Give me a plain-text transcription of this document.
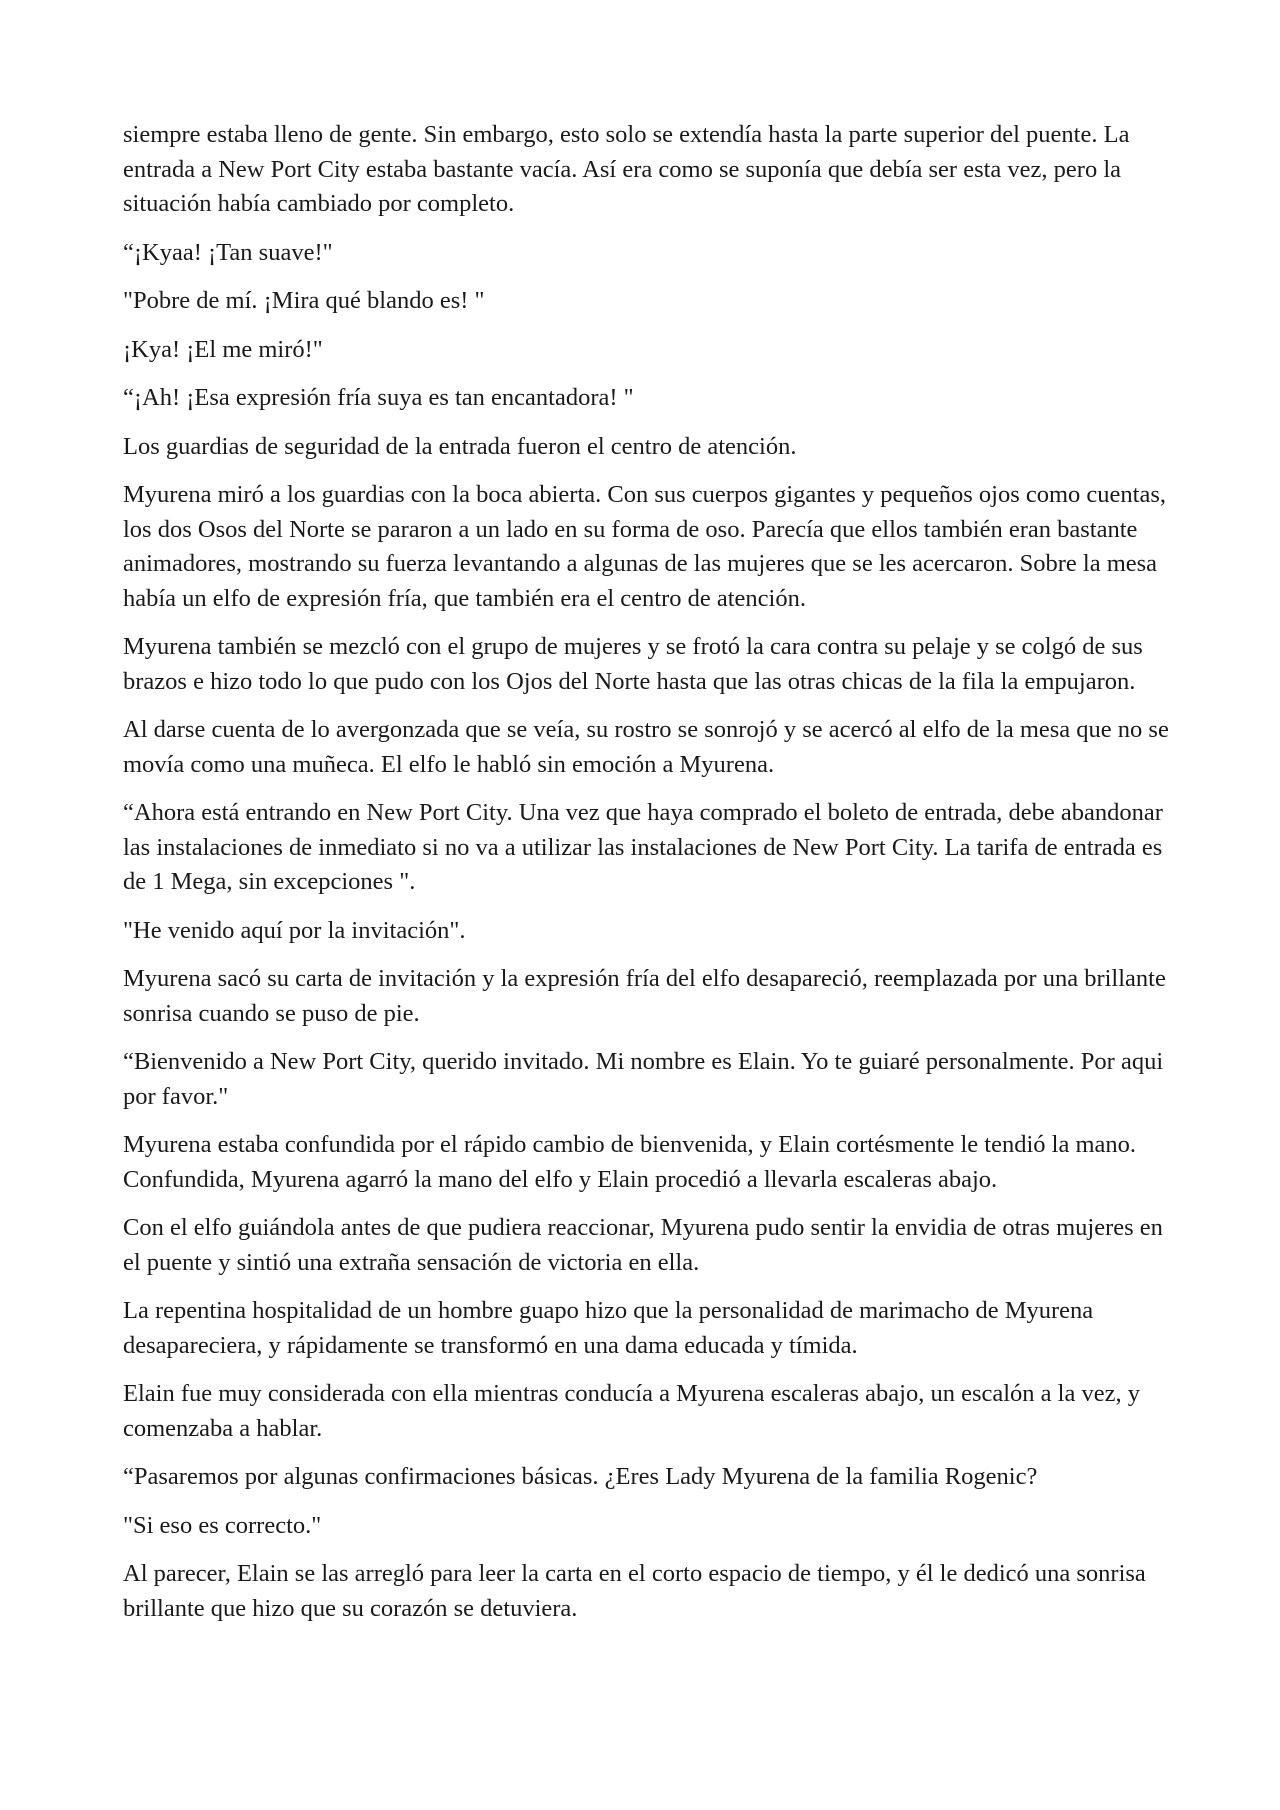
siempre estaba lleno de gente. Sin embargo, esto solo se extendía hasta la parte superior del puente. La entrada a New Port City estaba bastante vacía. Así era como se suponía que debía ser esta vez, pero la situación había cambiado por completo.

“¡Kyaa! ¡Tan suave!"

"Pobre de mí. ¡Mira qué blando es! "

¡Kya! ¡El me miró!"

“¡Ah! ¡Esa expresión fría suya es tan encantadora! "

Los guardias de seguridad de la entrada fueron el centro de atención.

Myurena miró a los guardias con la boca abierta. Con sus cuerpos gigantes y pequeños ojos como cuentas, los dos Osos del Norte se pararon a un lado en su forma de oso. Parecía que ellos también eran bastante animadores, mostrando su fuerza levantando a algunas de las mujeres que se les acercaron. Sobre la mesa había un elfo de expresión fría, que también era el centro de atención.

Myurena también se mezcló con el grupo de mujeres y se frotó la cara contra su pelaje y se colgó de sus brazos e hizo todo lo que pudo con los Ojos del Norte hasta que las otras chicas de la fila la empujaron.

Al darse cuenta de lo avergonzada que se veía, su rostro se sonrojó y se acercó al elfo de la mesa que no se movía como una muñeca. El elfo le habló sin emoción a Myurena.

“Ahora está entrando en New Port City. Una vez que haya comprado el boleto de entrada, debe abandonar las instalaciones de inmediato si no va a utilizar las instalaciones de New Port City. La tarifa de entrada es de 1 Mega, sin excepciones ".

"He venido aquí por la invitación".

Myurena sacó su carta de invitación y la expresión fría del elfo desapareció, reemplazada por una brillante sonrisa cuando se puso de pie.

“Bienvenido a New Port City, querido invitado. Mi nombre es Elain. Yo te guiaré personalmente. Por aqui por favor."

Myurena estaba confundida por el rápido cambio de bienvenida, y Elain cortésmente le tendió la mano. Confundida, Myurena agarró la mano del elfo y Elain procedió a llevarla escaleras abajo.

Con el elfo guiándola antes de que pudiera reaccionar, Myurena pudo sentir la envidia de otras mujeres en el puente y sintió una extraña sensación de victoria en ella.

La repentina hospitalidad de un hombre guapo hizo que la personalidad de marimacho de Myurena desapareciera, y rápidamente se transformó en una dama educada y tímida.

Elain fue muy considerada con ella mientras conducía a Myurena escaleras abajo, un escalón a la vez, y comenzaba a hablar.

“Pasaremos por algunas confirmaciones básicas. ¿Eres Lady Myurena de la familia Rogenic?

"Si eso es correcto."

Al parecer, Elain se las arregló para leer la carta en el corto espacio de tiempo, y él le dedicó una sonrisa brillante que hizo que su corazón se detuviera.
